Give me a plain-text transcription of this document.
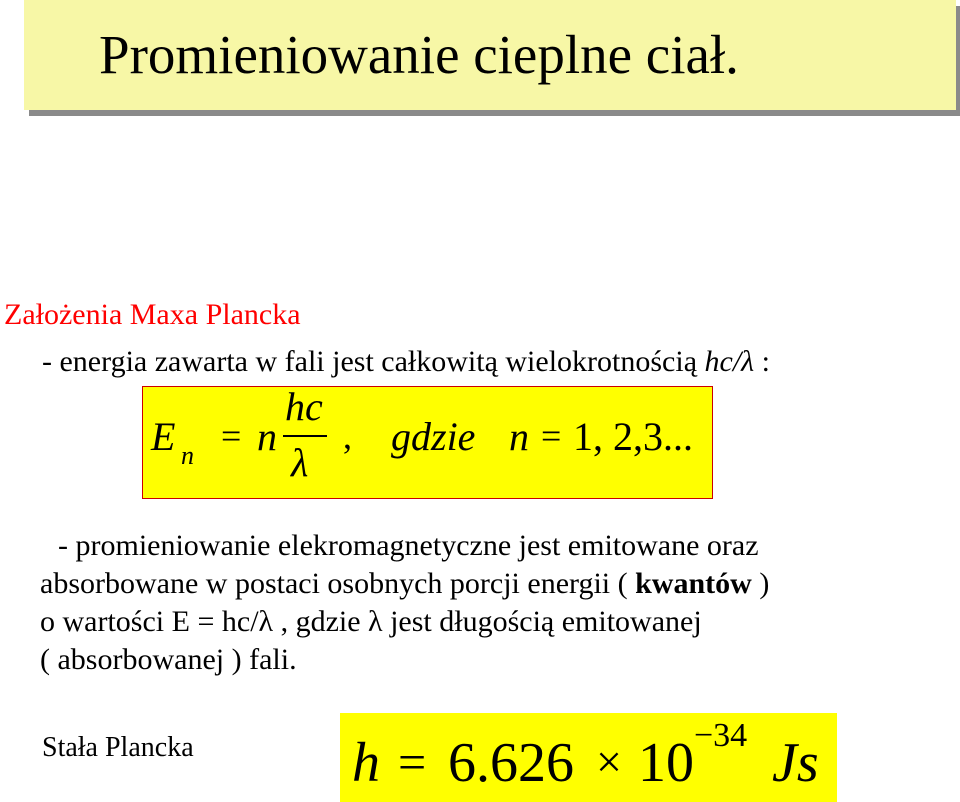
Promieniowanie cieplne ciał.
Założenia Maxa Plancka
- energia zawarta w fali jest całkowitą wielokrotnością hc/λ :
E n = n
hc
λ
, gdzie n = 1, 2,3...
- promieniowanie elekromagnetyczne jest emitowane oraz
absorbowane w postaci osobnych porcji energii ( kwantów )
o wartości E = hc/λ , gdzie λ jest długością emitowanej
( absorbowanej ) fali.
Stała Plancka	h = 6.626 × 10 −34 Js
